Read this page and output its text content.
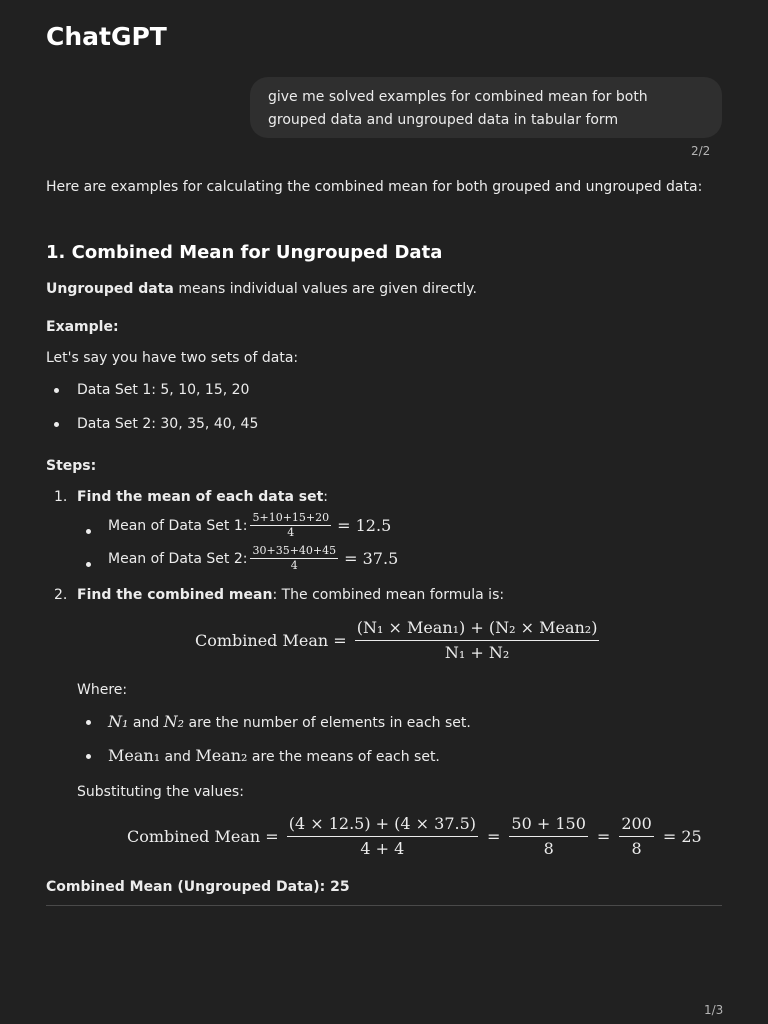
ChatGPT
give me solved examples for combined mean for both grouped data and ungrouped data in tabular form
2/2
Here are examples for calculating the combined mean for both grouped and ungrouped data:
1. Combined Mean for Ungrouped Data
Ungrouped data means individual values are given directly.
Example:
Let's say you have two sets of data:
Data Set 1: 5, 10, 15, 20
Data Set 2: 30, 35, 40, 45
Steps:
1. Find the mean of each data set:
Mean of Data Set 1: $\frac{5+10+15+20}{4} = 12.5$
Mean of Data Set 2: $\frac{30+35+40+45}{4} = 37.5$
2. Find the combined mean: The combined mean formula is:
Combined Mean = $\frac{\text{(N₁ × Mean₁) + (N₂ × Mean₂)}}{\text{N₁ + N₂}}$
Where:
N₁ and N₂ are the number of elements in each set.
Mean₁ and Mean₂ are the means of each set.
Substituting the values:
Combined Mean = $\frac{(4 \times 12.5) + (4 \times 37.5)}{4 + 4} = \frac{50 + 150}{8} = \frac{200}{8} = 25$
Combined Mean (Ungrouped Data): 25
1/3
